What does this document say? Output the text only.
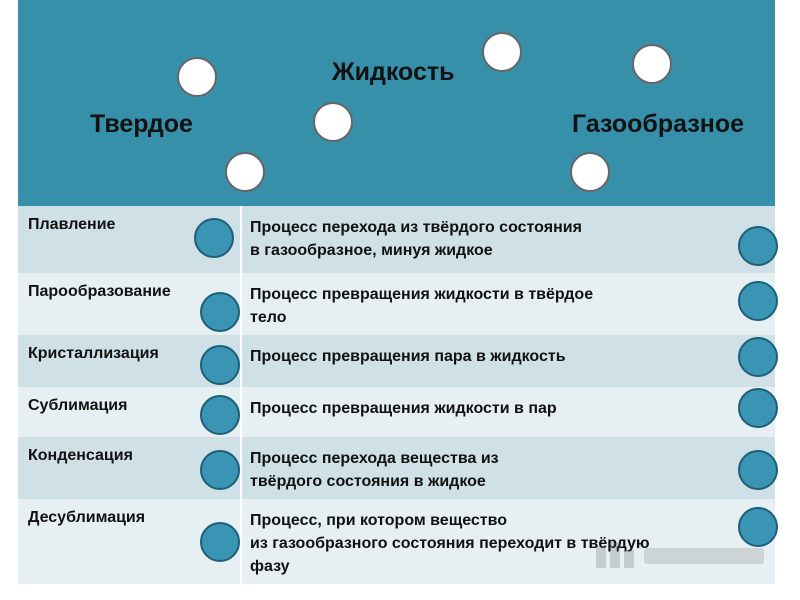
Жидкость
Твердое	Газообразное
Плавление	Процесс перехода из твёрдого состояния
в газообразное, минуя жидкое
Парообразование	Процесс превращения жидкости в твёрдое
тело
Кристаллизация	Процесс превращения пара в жидкость
Сублимация	Процесс превращения жидкости в пар
Конденсация	Процесс перехода вещества из
твёрдого состояния в жидкое
Десублимация	Процесс, при котором вещество
из газообразного состояния переходит в
фазу
